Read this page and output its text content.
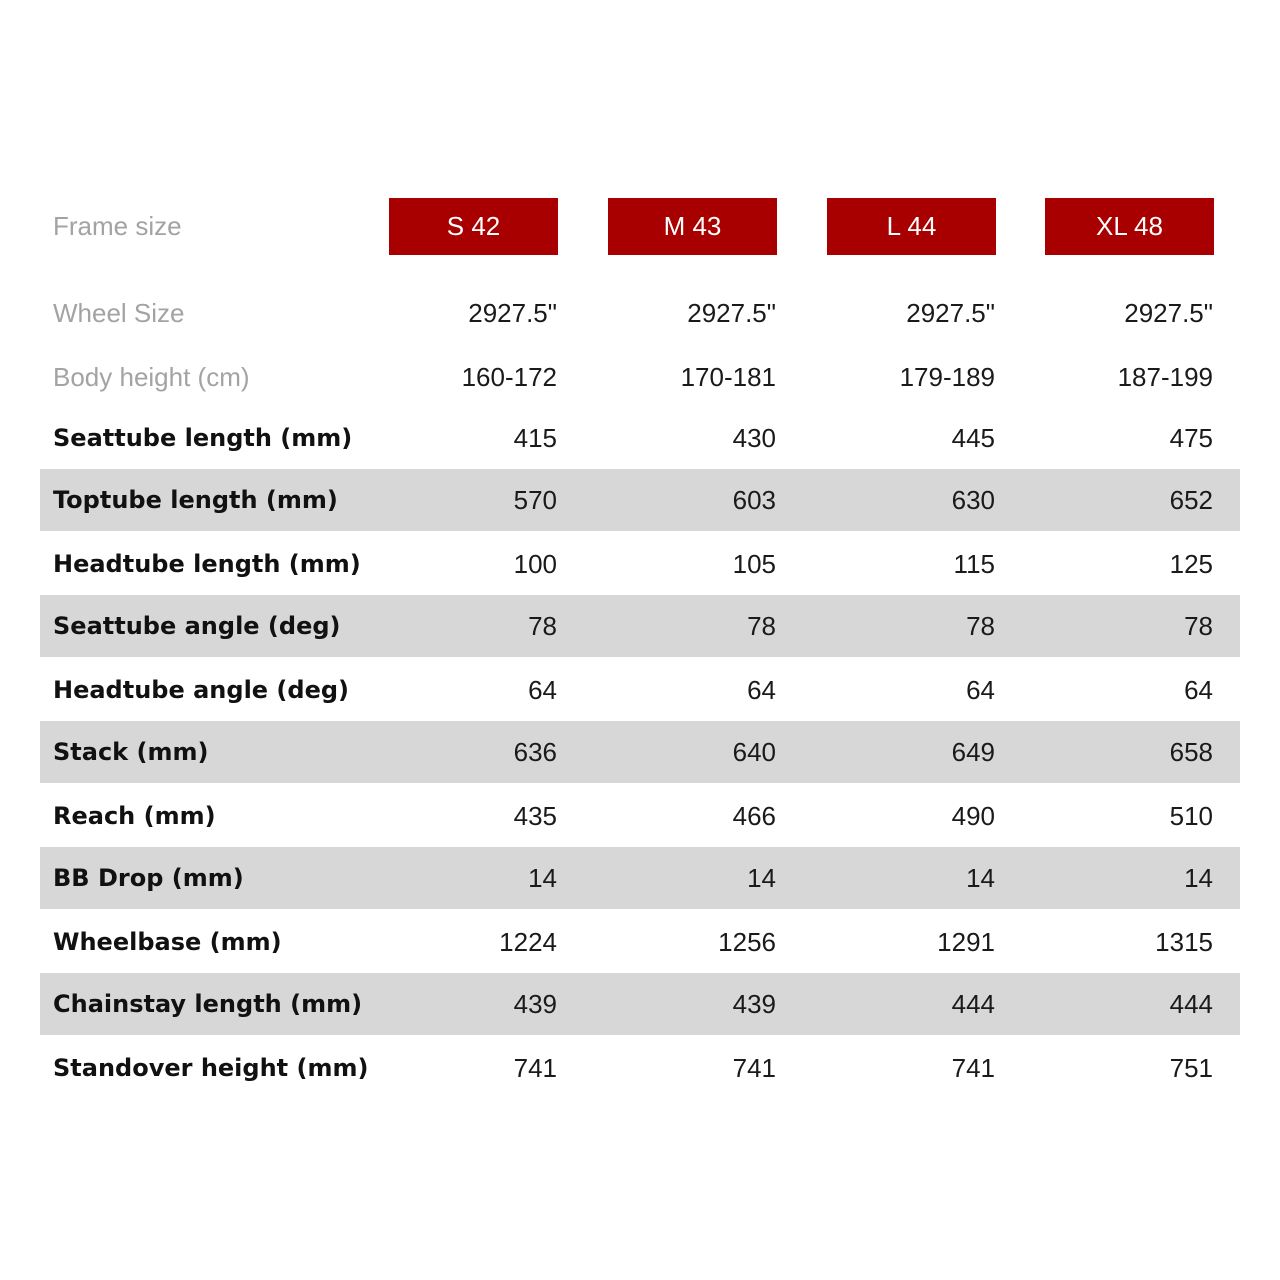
Frame size	S 42	M 43	L 44	XL 48
Wheel Size	2927.5"	2927.5"	2927.5"	2927.5"
Body height (cm)	160-172	170-181	179-189	187-199
Seattube length (mm)	415	430	445	475
Toptube length (mm)	570	603	630	652
Headtube length (mm)	100	105	115	125
Seattube angle (deg)	78	78	78	78
Headtube angle (deg)	64	64	64	64
Stack (mm)	636	640	649	658
Reach (mm)	435	466	490	510
BB Drop (mm)	14	14	14	14
Wheelbase (mm)	1224	1256	1291	1315
Chainstay length (mm)	439	439	444	444
Standover height (mm)	741	741	741	751
